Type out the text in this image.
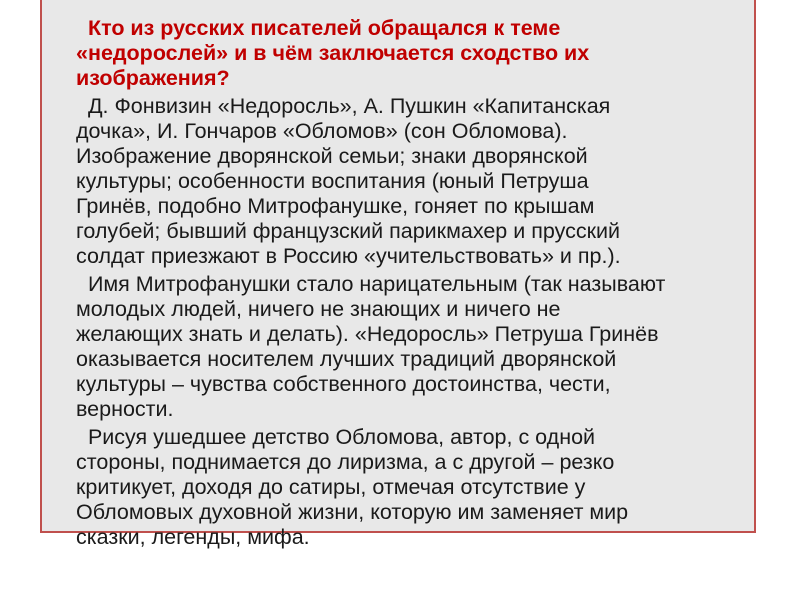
Кто из русских писателей обращался к теме
«недорослей» и в чём заключается сходство их
изображения?

Д. Фонвизин «Недоросль», А. Пушкин «Капитанская
дочка», И. Гончаров «Обломов» (сон Обломова).
Изображение дворянской семьи; знаки дворянской
культуры; особенности воспитания (юный Петруша
Гринёв, подобно Митрофанушке, гоняет по крышам
голубей; бывший французский парикмахер и прусский
солдат приезжают в Россию «учительствовать» и пр.).

Имя Митрофанушки стало нарицательным (так называют
молодых людей, ничего не знающих и ничего не
желающих знать и делать). «Недоросль» Петруша Гринёв
оказывается носителем лучших традиций дворянской
культуры – чувства собственного достоинства, чести,
верности.

Рисуя ушедшее детство Обломова, автор, с одной
стороны, поднимается до лиризма, а с другой – резко
критикует, доходя до сатиры, отмечая отсутствие у
Обломовых духовной жизни, которую им заменяет мир
сказки, легенды, мифа.
